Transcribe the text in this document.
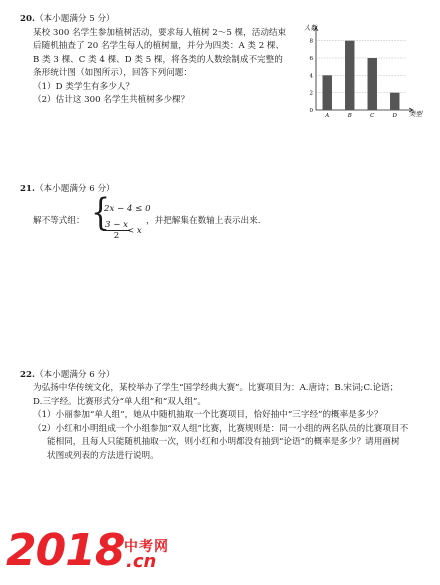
20.（本小题满分 5 分）
某校 300 名学生参加植树活动，要求每人植树 2～5 棵，活动结束
后随机抽查了 20 名学生每人的植树量，并分为四类：A 类 2 棵、
B 类 3 棵、C 类 4 棵、D 类 5 棵，将各类的人数绘制成不完整的
条形统计图（如图所示），回答下列问题：
（1）D 类学生有多少人？
（2）估计这 300 名学生共植树多少棵？
2
4
6
8
0
A	B	C	D
人数
类型
21.（本小题满分 6 分）
解不等式组： {
2x − 4 ≤ 0
$\frac{3 - x}{2}$
< x
，并把解集在数轴上表示出来.
22.（本小题满分 6 分）
为弘扬中华传统文化，某校举办了学生“国学经典大赛”。比赛项目为：A.唐诗；B.宋词;C.论语；
D.三字经。比赛形式分“单人组”和“双人组”。
（1）小丽参加“单人组”，她从中随机抽取一个比赛项目，恰好抽中“三字经”的概率是多少？
（2）小红和小明组成一个小组参加“双人组”比赛，比赛规则是：同一小组的两名队员的比赛项目不
能相同，且每人只能随机抽取一次，则小红和小明都没有抽到“论语”的概率是多少？请用画树
状图或列表的方法进行说明。
2018 中考网
.cn
